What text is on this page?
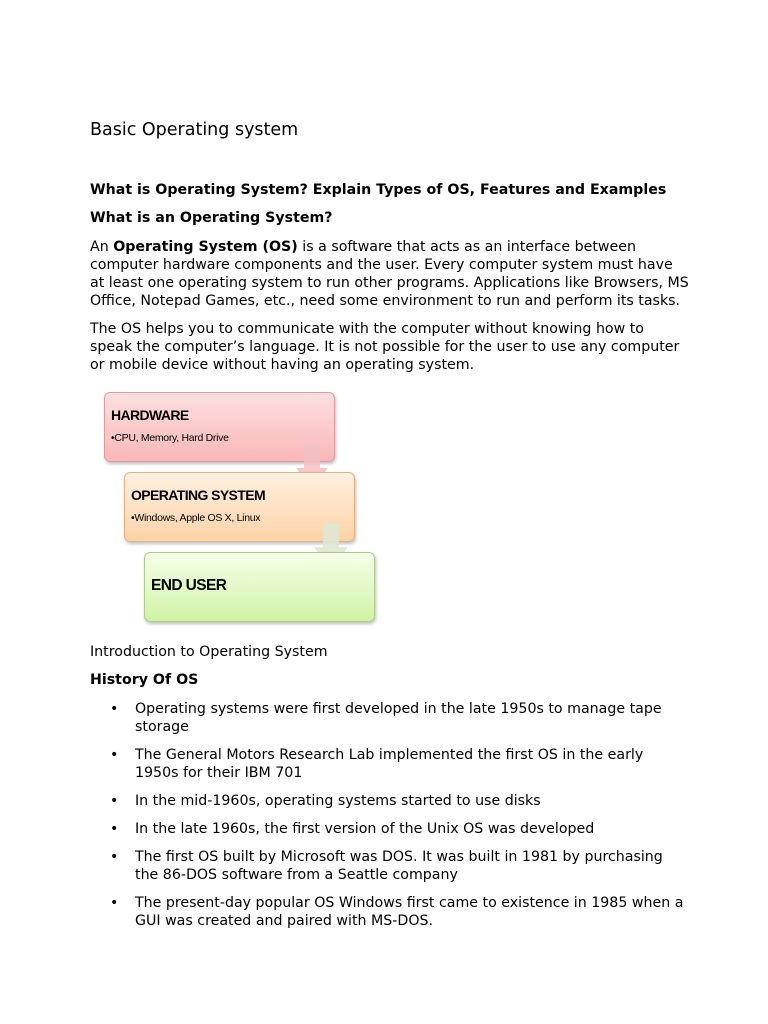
Basic Operating system
What is Operating System? Explain Types of OS, Features and Examples
What is an Operating System?

An Operating System (OS) is a software that acts as an interface between computer hardware components and the user. Every computer system must have at least one operating system to run other programs. Applications like Browsers, MS Office, Notepad Games, etc., need some environment to run and perform its tasks.

The OS helps you to communicate with the computer without knowing how to speak the computer’s language. It is not possible for the user to use any computer or mobile device without having an operating system.

HARDWARE
•CPU, Memory, Hard Drive
OPERATING SYSTEM
•Windows, Apple OS X, Linux
END USER

Introduction to Operating System

History Of OS
• Operating systems were first developed in the late 1950s to manage tape storage
• The General Motors Research Lab implemented the first OS in the early 1950s for their IBM 701
• In the mid-1960s, operating systems started to use disks
• In the late 1960s, the first version of the Unix OS was developed
• The first OS built by Microsoft was DOS. It was built in 1981 by purchasing the 86-DOS software from a Seattle company
• The present-day popular OS Windows first came to existence in 1985 when a GUI was created and paired with MS-DOS.
